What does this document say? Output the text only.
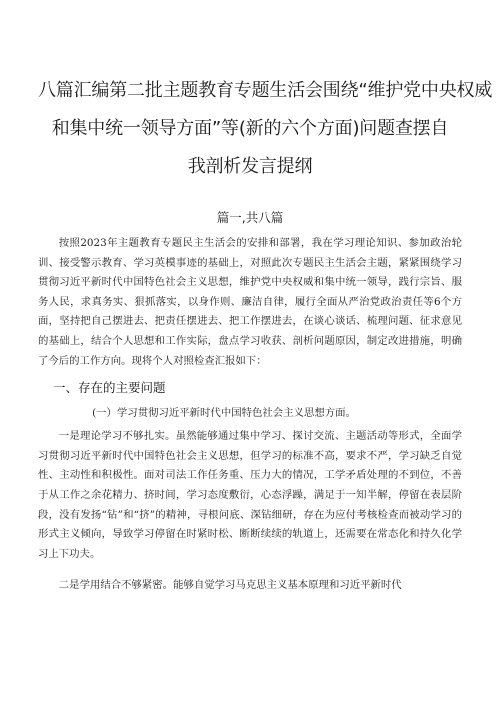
八篇汇编第二批主题教育专题生活会围绕“维护党中央权威
和集中统一领导方面”等(新的六个方面)问题查摆自
我剖析发言提纲
篇一,共八篇

按照2023年主题教育专题民主生活会的安排和部署，我在学习理论知识、参加政治轮训、接受警示教育、学习英模事迹的基础上，对照此次专题民主生活会主题，紧紧围绕学习贯彻习近平新时代中国特色社会主义思想，维护党中央权威和集中统一领导，践行宗旨、服务人民，求真务实、狠抓落实，以身作则、廉洁自律，履行全面从严治党政治责任等6个方面，坚持把自己摆进去、把责任摆进去、把工作摆进去，在谈心谈话、梳理问题、征求意见的基础上，结合个人思想和工作实际，盘点学习收获、剖析问题原因，制定改进措施，明确了今后的工作方向。现将个人对照检查汇报如下：

一、存在的主要问题
(一）学习贯彻习近平新时代中国特色社会主义思想方面。

一是理论学习不够扎实。虽然能够通过集中学习、探讨交流、主题活动等形式，全面学习贯彻习近平新时代中国特色社会主义思想，但学习的标准不高，要求不严，学习缺乏自觉性、主动性和积极性。面对司法工作任务重、压力大的情况，工学矛盾处理的不到位，不善于从工作之余花精力、挤时间，学习态度敷衍，心态浮躁，满足于一知半解，停留在表层阶段，没有发扬“钻”和“挤”的精神，寻根问底、深钻细研，存在为应付考核检查而被动学习的形式主义倾向，导致学习停留在时紧时松、断断续续的轨道上，还需要在常态化和持久化学习上下功夫。

二是学用结合不够紧密。能够自觉学习马克思主义基本原理和习近平新时代
